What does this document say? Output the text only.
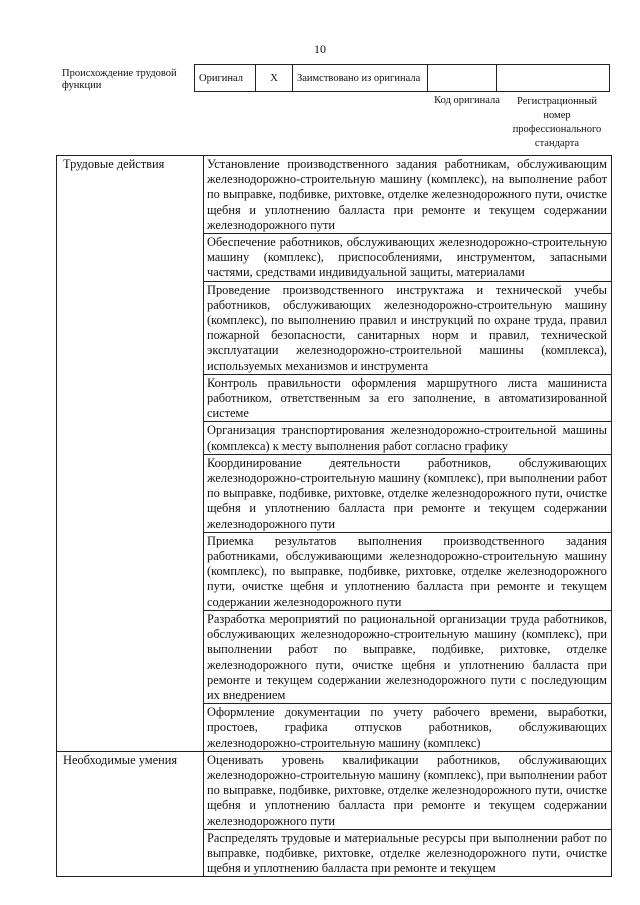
10
Происхождение трудовой функции
Оригинал	X	Заимствовано из оригинала		
Код оригинала	Регистрационный номер профессионального стандарта
Трудовые действия	Установление производственного задания работникам, обслуживающим железнодорожно-строительную машину (комплекс), на выполнение работ по выправке, подбивке, рихтовке, отделке железнодорожного пути, очистке щебня и уплотнению балласта при ремонте и текущем содержании железнодорожного пути
	Обеспечение работников, обслуживающих железнодорожно-строительную машину (комплекс), приспособлениями, инструментом, запасными частями, средствами индивидуальной защиты, материалами
	Проведение производственного инструктажа и технической учебы работников, обслуживающих железнодорожно-строительную машину (комплекс), по выполнению правил и инструкций по охране труда, правил пожарной безопасности, санитарных норм и правил, технической эксплуатации железнодорожно-строительной машины (комплекса), используемых механизмов и инструмента
	Контроль правильности оформления маршрутного листа машиниста работником, ответственным за его заполнение, в автоматизированной системе
	Организация транспортирования железнодорожно-строительной машины (комплекса) к месту выполнения работ согласно графику
	Координирование деятельности работников, обслуживающих железнодорожно-строительную машину (комплекс), при выполнении работ по выправке, подбивке, рихтовке, отделке железнодорожного пути, очистке щебня и уплотнению балласта при ремонте и текущем содержании железнодорожного пути
	Приемка результатов выполнения производственного задания работниками, обслуживающими железнодорожно-строительную машину (комплекс), по выправке, подбивке, рихтовке, отделке железнодорожного пути, очистке щебня и уплотнению балласта при ремонте и текущем содержании железнодорожного пути
	Разработка мероприятий по рациональной организации труда работников, обслуживающих железнодорожно-строительную машину (комплекс), при выполнении работ по выправке, подбивке, рихтовке, отделке железнодорожного пути, очистке щебня и уплотнению балласта при ремонте и текущем содержании железнодорожного пути с последующим их внедрением
	Оформление документации по учету рабочего времени, выработки, простоев, графика отпусков работников, обслуживающих железнодорожно-строительную машину (комплекс)
Необходимые умения	Оценивать уровень квалификации работников, обслуживающих железнодорожно-строительную машину (комплекс), при выполнении работ по выправке, подбивке, рихтовке, отделке железнодорожного пути, очистке щебня и уплотнению балласта при ремонте и текущем содержании железнодорожного пути
	Распределять трудовые и материальные ресурсы при выполнении работ по выправке, подбивке, рихтовке, отделке железнодорожного пути, очистке щебня и уплотнению балласта при ремонте и текущем
